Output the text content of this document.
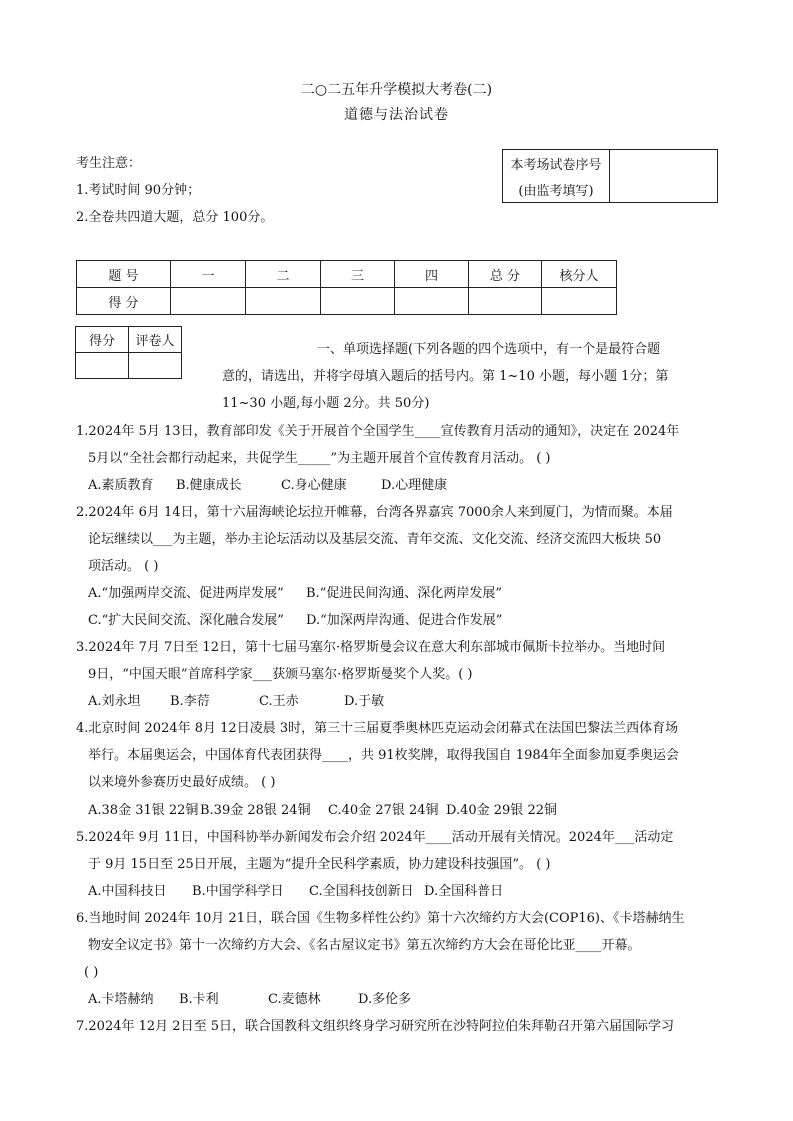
二○二五年升学模拟大考卷(二)
道德与法治试卷
考生注意：
1.考试时间 90分钟；
2.全卷共四道大题，总分 100分。
本考场试卷序号	
(由监考填写)
题 号	一	二	三	四	总 分	核分人
得 分						
得分	评卷人

一、单项选择题(下列各题的四个选项中，有一个是最符合题
意的，请选出，并将字母填入题后的括号内。第 1~10 小题，每小题 1分；第
11~30 小题,每小题 2分。共 50分)
1.2024年 5月 13日，教育部印发《关于开展首个全国学生____宣传教育月活动的通知》，决定在 2024年
5月以“全社会都行动起来，共促学生_____”为主题开展首个宣传教育月活动。 ( )
A.素质教育 B.健康成长	C.身心健康	D.心理健康
2.2024年 6月 14日，第十六届海峡论坛拉开帷幕，台湾各界嘉宾 7000余人来到厦门，为情而聚。本届
论坛继续以___为主题，举办主论坛活动以及基层交流、青年交流、文化交流、经济交流四大板块 50
项活动。 ( )
A.“加强两岸交流、促进两岸发展” B.“促进民间沟通、深化两岸发展”
C.“扩大民间交流、深化融合发展” D.“加深两岸沟通、促进合作发展”
3.2024年 7月 7日至 12日，第十七届马塞尔·格罗斯曼会议在意大利东部城市佩斯卡拉举办。当地时间
9日，“中国天眼”首席科学家___获颁马塞尔·格罗斯曼奖个人奖。( )
A.刘永坦 B.李葕	C.王赤	D.于敏
4.北京时间 2024年 8月 12日凌晨 3时，第三十三届夏季奥林匹克运动会闭幕式在法国巴黎法兰西体育场
举行。本届奥运会，中国体育代表团获得____，共 91枚奖牌，取得我国自 1984年全面参加夏季奥运会
以来境外参赛历史最好成绩。 ( )
A.38金 31银 22铜 B.39金 28银 24铜 C.40金 27银 24铜 D.40金 29银 22铜
5.2024年 9月 11日，中国科协举办新闻发布会介绍 2024年____活动开展有关情况。2024年___活动定
于 9月 15日至 25日开展，主题为“提升全民科学素质，协力建设科技强国”。 ( )
A.中国科技日 B.中国学科学日 C.全国科技创新日 D.全国科普日
6.当地时间 2024年 10月 21日，联合国《生物多样性公约》第十六次缔约方大会(COP16)、《卡塔赫纳生
物安全议定书》第十一次缔约方大会、《名古屋议定书》第五次缔约方大会在哥伦比亚____开幕。
( )
A.卡塔赫纳 B.卡利	C.麦德林	D.多伦多
7.2024年 12月 2日至 5日，联合国教科文组织终身学习研究所在沙特阿拉伯朱拜勒召开第六届国际学习
